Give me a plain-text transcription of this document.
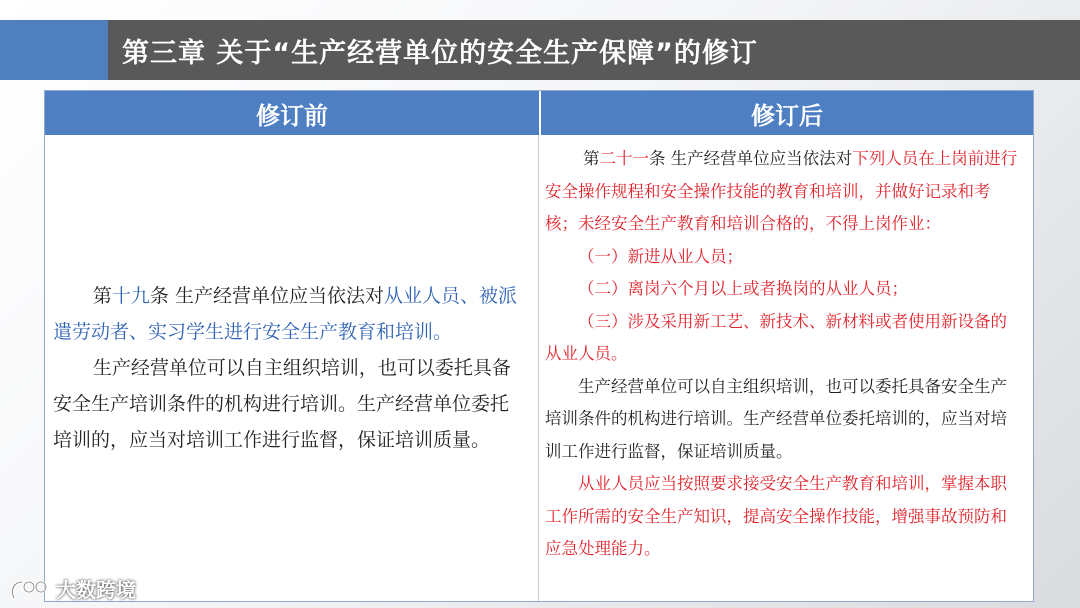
第三章 关于“生产经营单位的安全生产保障”的修订
修订前	修订后

第十九条 生产经营单位应当依法对从业人员、被派遣劳动者、实习学生进行安全生产教育和培训。

生产经营单位可以自主组织培训，也可以委托具备安全生产培训条件的机构进行培训。生产经营单位委托培训的，应当对培训工作进行监督，保证培训质量。

第二十一条 生产经营单位应当依法对下列人员在上岗前进行安全操作规程和安全操作技能的教育和培训，并做好记录和考核；未经安全生产教育和培训合格的，不得上岗作业：

（一）新进从业人员；

（二）离岗六个月以上或者换岗的从业人员；

（三）涉及采用新工艺、新技术、新材料或者使用新设备的从业人员。

生产经营单位可以自主组织培训，也可以委托具备安全生产培训条件的机构进行培训。生产经营单位委托培训的，应当对培训工作进行监督，保证培训质量。

从业人员应当按照要求接受安全生产教育和培训，掌握本职工作所需的安全生产知识，提高安全操作技能，增强事故预防和应急处理能力。

大数跨境
